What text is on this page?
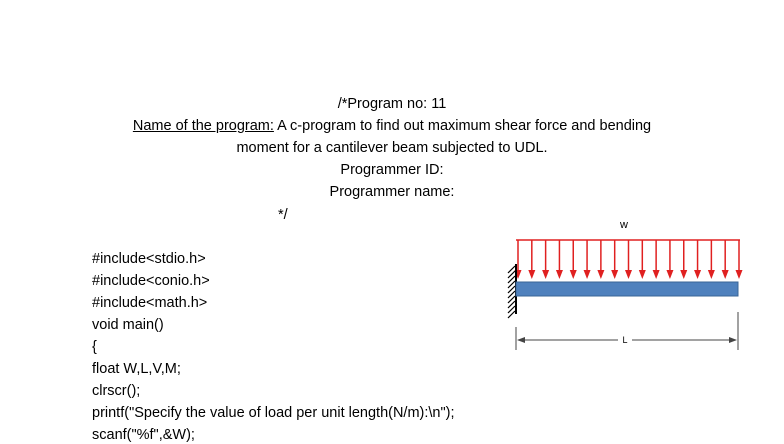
/*Program no: 11
Name of the program: A c-program to find out maximum shear force and bending
moment for a cantilever beam subjected to UDL.
Programmer ID:
Programmer name:
*/
#include<stdio.h>
#include<conio.h>
#include<math.h>
void main()
{
float W,L,V,M;
clrscr();
printf("Specify the value of load per unit length(N/m):\n");
scanf("%f",&W);
w
L
